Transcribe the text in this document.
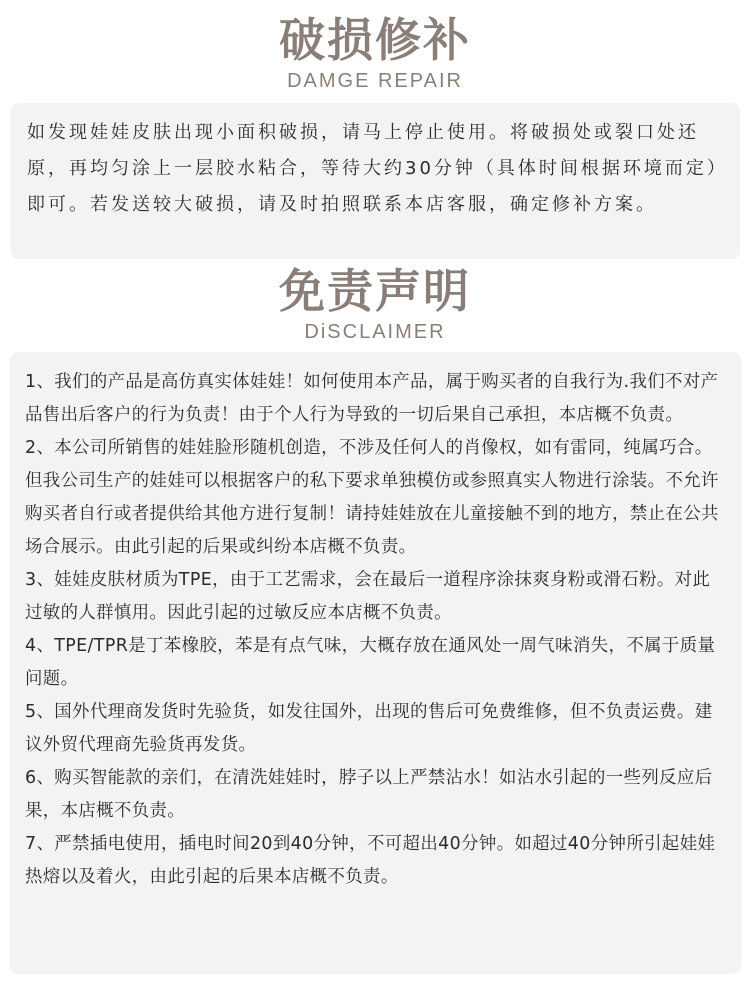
破损修补
DAMGE REPAIR

如发现娃娃皮肤出现小面积破损，请马上停止使用。将破损处或裂口处还原，再均匀涂上一层胶水粘合，等待大约30分钟（具体时间根据环境而定）即可。若发送较大破损，请及时拍照联系本店客服，确定修补方案。

免责声明
DiSCLAIMER

1、我们的产品是高仿真实体娃娃！如何使用本产品，属于购买者的自我行为.我们不对产品售出后客户的行为负责！由于个人行为导致的一切后果自己承担，本店概不负责。

2、本公司所销售的娃娃脸形随机创造，不涉及任何人的肖像权，如有雷同，纯属巧合。但我公司生产的娃娃可以根据客户的私下要求单独模仿或参照真实人物进行涂装。不允许购买者自行或者提供给其他方进行复制！请持娃娃放在儿童接触不到的地方，禁止在公共场合展示。由此引起的后果或纠纷本店概不负责。

3、娃娃皮肤材质为TPE，由于工艺需求，会在最后一道程序涂抹爽身粉或滑石粉。对此过敏的人群慎用。因此引起的过敏反应本店概不负责。

4、TPE/TPR是丁苯橡胶，苯是有点气味，大概存放在通风处一周气味消失，不属于质量问题。

5、国外代理商发货时先验货，如发往国外，出现的售后可免费维修，但不负责运费。建议外贸代理商先验货再发货。

6、购买智能款的亲们，在清洗娃娃时，脖子以上严禁沾水！如沾水引起的一些列反应后果，本店概不负责。

7、严禁插电使用，插电时间20到40分钟，不可超出40分钟。如超过40分钟所引起娃娃热熔以及着火，由此引起的后果本店概不负责。
